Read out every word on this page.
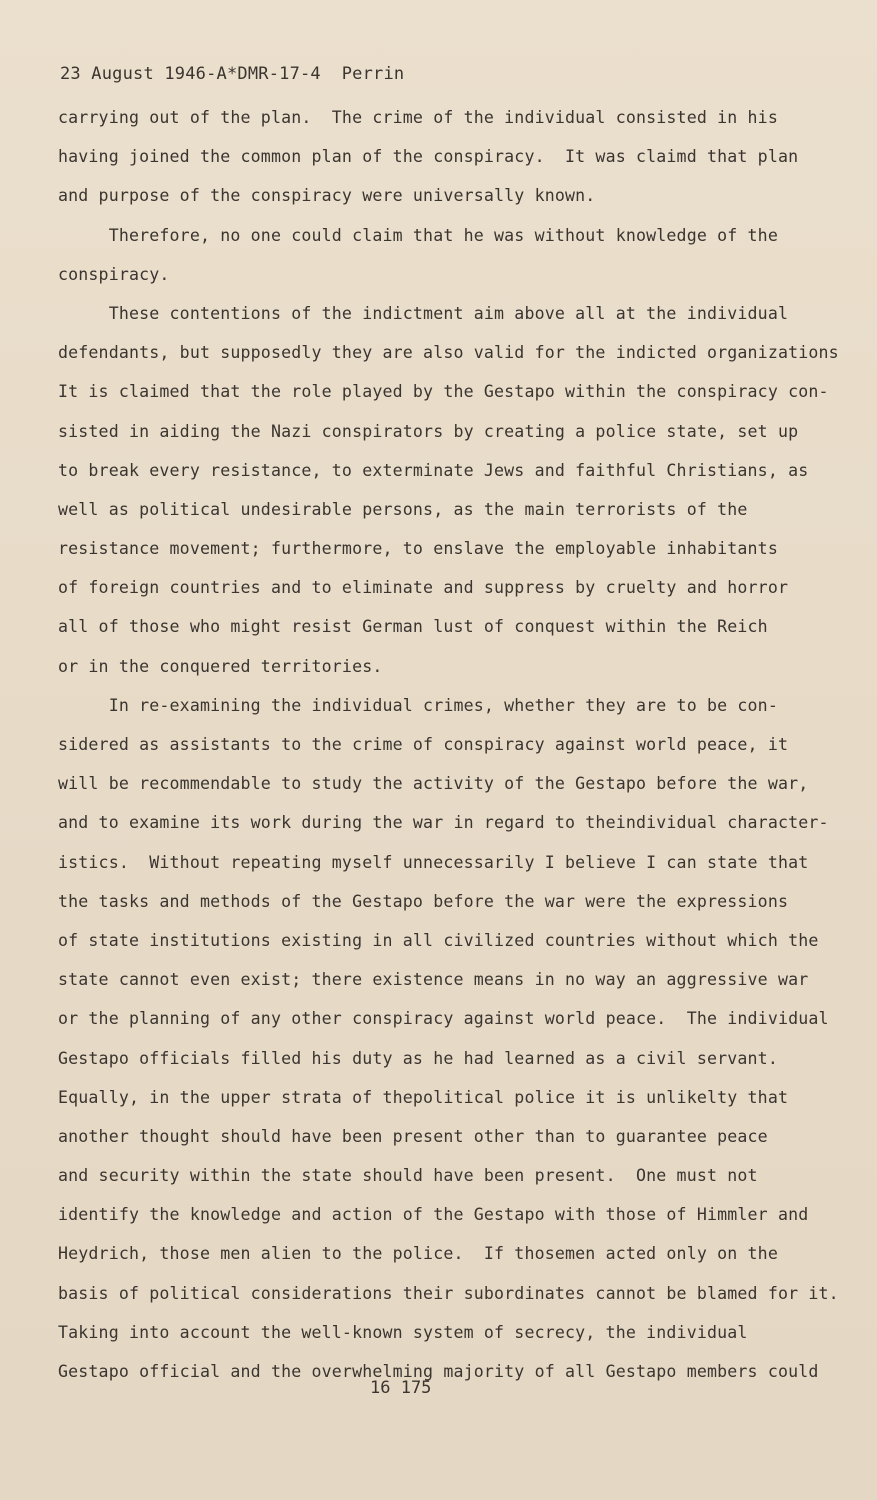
23 August 1946-A*DMR-17-4  Perrin
carrying out of the plan.  The crime of the individual consisted in his
having joined the common plan of the conspiracy.  It was claimd that plan
and purpose of the conspiracy were universally known.
Therefore, no one could claim that he was without knowledge of the
conspiracy.
These contentions of the indictment aim above all at the individual
defendants, but supposedly they are also valid for the indicted organizations
It is claimed that the role played by the Gestapo within the conspiracy con-
sisted in aiding the Nazi conspirators by creating a police state, set up
to break every resistance, to exterminate Jews and faithful Christians, as
well as political undesirable persons, as the main terrorists of the
resistance movement; furthermore, to enslave the employable inhabitants
of foreign countries and to eliminate and suppress by cruelty and horror
all of those who might resist German lust of conquest within the Reich
or in the conquered territories.
In re-examining the individual crimes, whether they are to be con-
sidered as assistants to the crime of conspiracy against world peace, it
will be recommendable to study the activity of the Gestapo before the war,
and to examine its work during the war in regard to theindividual character-
istics.  Without repeating myself unnecessarily I believe I can state that
the tasks and methods of the Gestapo before the war were the expressions
of state institutions existing in all civilized countries without which the
state cannot even exist; there existence means in no way an aggressive war
or the planning of any other conspiracy against world peace.  The individual
Gestapo officials filled his duty as he had learned as a civil servant.
Equally, in the upper strata of thepolitical police it is unlikelty that
another thought should have been present other than to guarantee peace
and security within the state should have been present.  One must not
identify the knowledge and action of the Gestapo with those of Himmler and
Heydrich, those men alien to the police.  If thosemen acted only on the
basis of political considerations their subordinates cannot be blamed for it.
Taking into account the well-known system of secrecy, the individual
Gestapo official and the overwhelming majority of all Gestapo members could
16 175
